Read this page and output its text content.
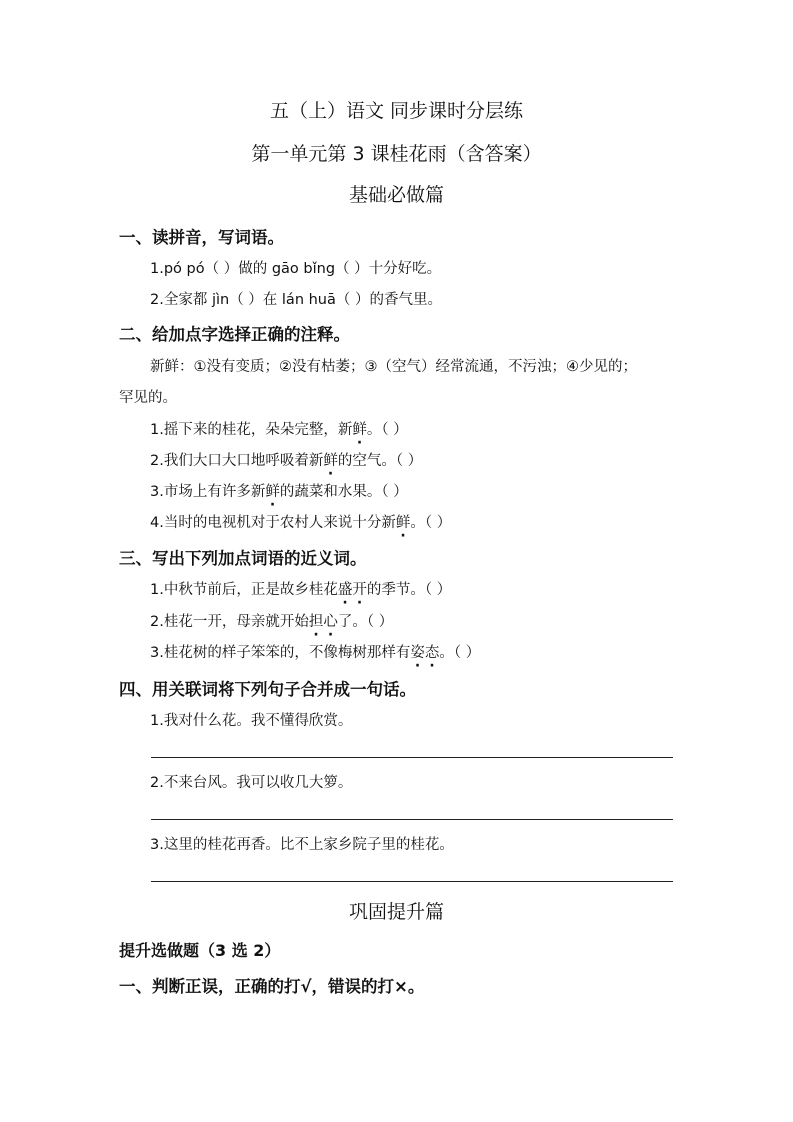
五（上）语文 同步课时分层练
第一单元第 3 课桂花雨（含答案）
基础必做篇
一、读拼音，写词语。
1.pó pó（ ）做的 gāo bǐng（ ）十分好吃。
2.全家都 jìn（ ）在 lán huā（ ）的香气里。
二、给加点字选择正确的注释。
新鲜：①没有变质；②没有枯萎；③（空气）经常流通，不污浊；④少见的；
罕见的。
1.摇下来的桂花，朵朵完整，新鲜。（ ）
2.我们大口大口地呼吸着新鲜的空气。（ ）
3.市场上有许多新鲜的蔬菜和水果。（ ）
4.当时的电视机对于农村人来说十分新鲜。（ ）
三、写出下列加点词语的近义词。
1.中秋节前后，正是故乡桂花盛开的季节。（ ）
2.桂花一开，母亲就开始担心了。（ ）
3.桂花树的样子笨笨的，不像梅树那样有姿态。（ ）
四、用关联词将下列句子合并成一句话。
1.我对什么花。我不懂得欣赏。
2.不来台风。我可以收几大箩。
3.这里的桂花再香。比不上家乡院子里的桂花。
巩固提升篇
提升选做题（3 选 2）
一、判断正误，正确的打√，错误的打×。
